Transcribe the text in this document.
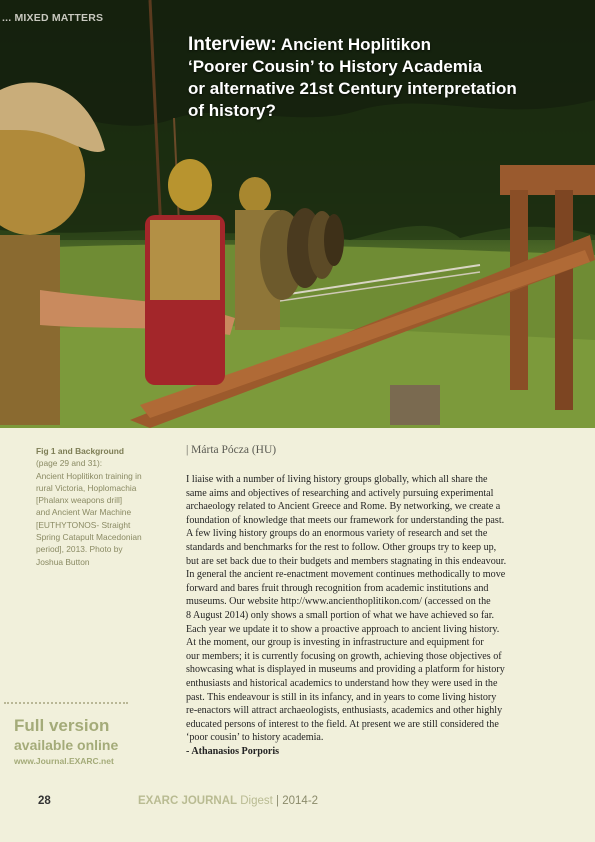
... MIXED MATTERS
Interview: Ancient Hoplitikon
‘Poorer Cousin’ to History Academia
or alternative 21st Century interpretation
of history?
Fig 1 and Background
(page 29 and 31):
Ancient Hoplitikon training in
rural Victoria, Hoplomachia
[Phalanx weapons drill]
and Ancient War Machine
[EUTHYTONOS- Straight
Spring Catapult Macedonian
period], 2013. Photo by
Joshua Button
Full version
available online
www.Journal.EXARC.net
| Márta Pócza (HU)

I liaise with a number of living history groups globally, which all share the

same aims and objectives of researching and actively pursuing experimental

archaeology related to Ancient Greece and Rome. By networking, we create a

foundation of knowledge that meets our framework for understanding the past.

A few living history groups do an enormous variety of research and set the

standards and benchmarks for the rest to follow. Other groups try to keep up,

but are set back due to their budgets and members stagnating in this endeavour.

In general the ancient re-enactment movement continues methodically to move

forward and bares fruit through recognition from academic institutions and

museums. Our website http://www.ancienthoplitikon.com/ (accessed on the

8 August 2014) only shows a small portion of what we have achieved so far.

Each year we update it to show a proactive approach to ancient living history.

At the moment, our group is investing in infrastructure and equipment for

our members; it is currently focusing on growth, achieving those objectives of

showcasing what is displayed in museums and providing a platform for history

enthusiasts and historical academics to understand how they were used in the

past. This endeavour is still in its infancy, and in years to come living history

re-enactors will attract archaeologists, enthusiasts, academics and other highly

educated persons of interest to the field. At present we are still considered the

‘poor cousin’ to history academia.

- Athanasios Porporis

28	EXARC JOURNAL Digest | 2014-2
